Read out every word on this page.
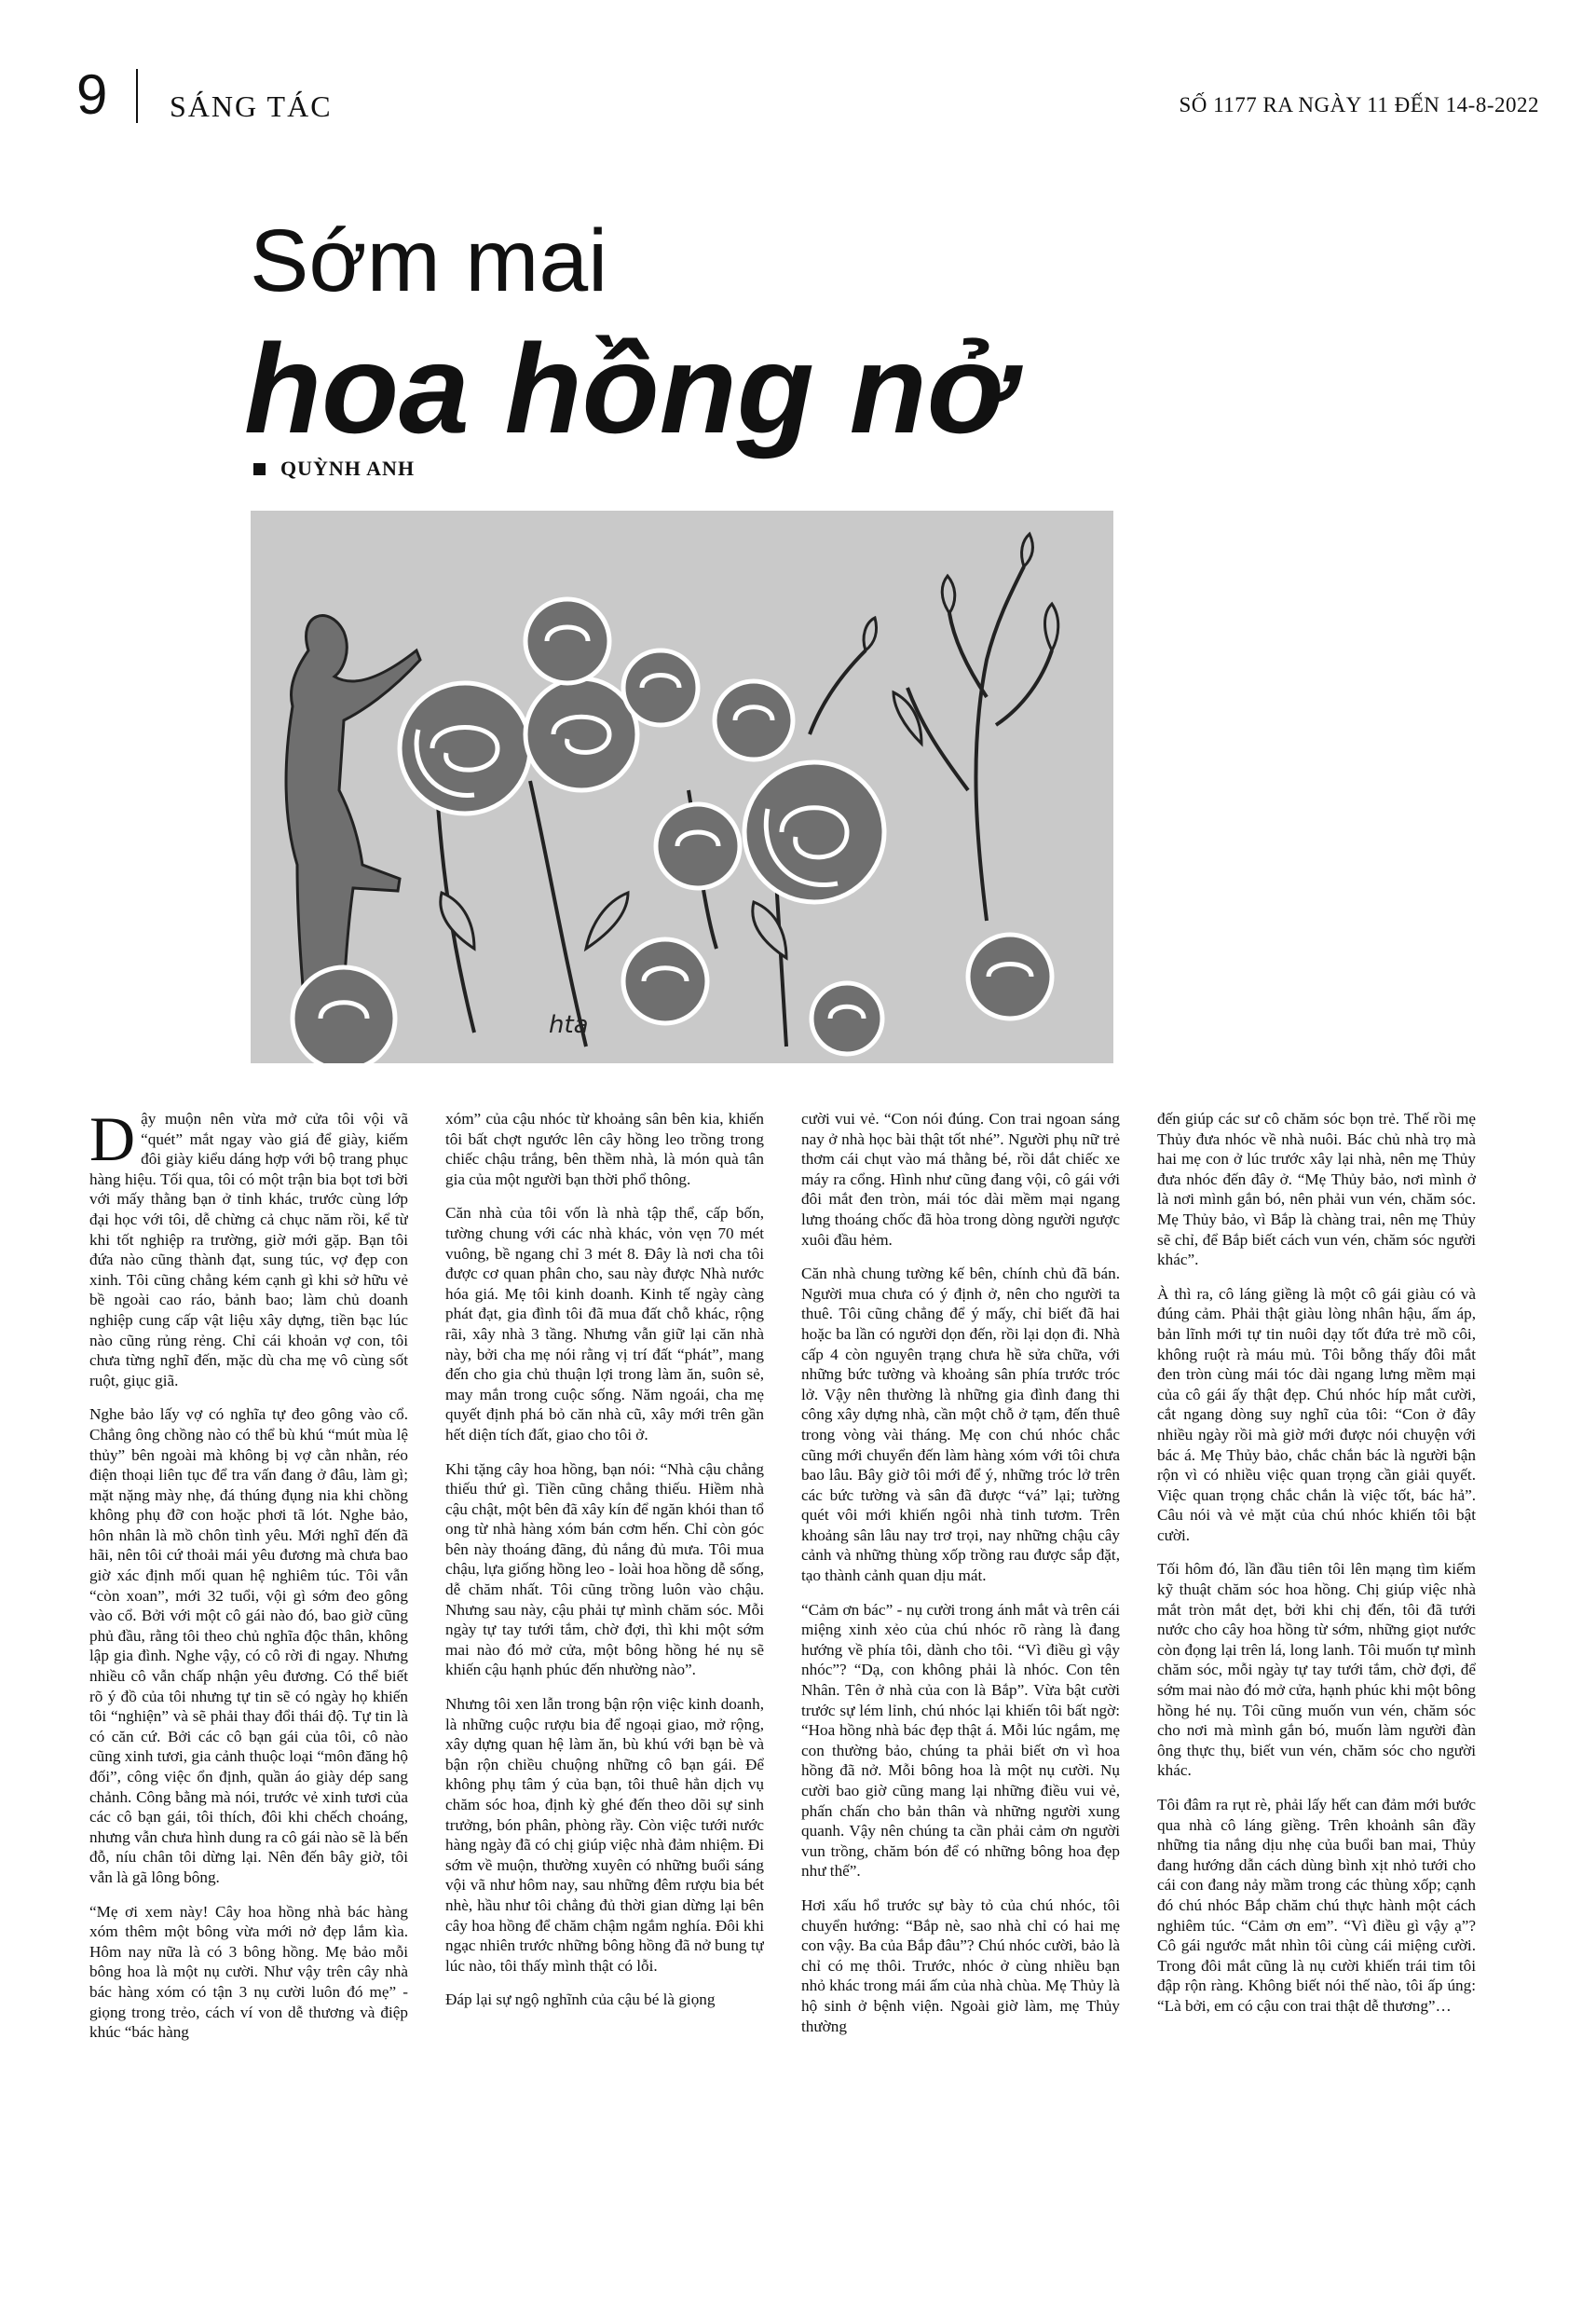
9 SÁNG TÁC	SỐ 1177 RA NGÀY 11 ĐẾN 14-8-2022
Sớm mai
hoa hồng nở
QUỲNH ANH
hta

Dậy muộn nên vừa mở cửa tôi vội vã “quét” mắt ngay vào giá để giày, kiếm đôi giày kiểu dáng hợp với bộ trang phục hàng hiệu. Tối qua, tôi có một trận bia bọt tơi bời với mấy thằng bạn ở tỉnh khác, trước cùng lớp đại học với tôi, dễ chừng cả chục năm rồi, kể từ khi tốt nghiệp ra trường, giờ mới gặp. Bạn tôi đứa nào cũng thành đạt, sung túc, vợ đẹp con xinh. Tôi cũng chẳng kém cạnh gì khi sở hữu vẻ bề ngoài cao ráo, bảnh bao; làm chủ doanh nghiệp cung cấp vật liệu xây dựng, tiền bạc lúc nào cũng rủng rẻng. Chỉ cái khoản vợ con, tôi chưa từng nghĩ đến, mặc dù cha mẹ vô cùng sốt ruột, giục giã.

Nghe bảo lấy vợ có nghĩa tự đeo gông vào cổ. Chẳng ông chồng nào có thể bù khú “mút mùa lệ thủy” bên ngoài mà không bị vợ cằn nhằn, réo điện thoại liên tục để tra vấn đang ở đâu, làm gì; mặt nặng mày nhẹ, đá thúng đụng nia khi chồng không phụ đỡ con hoặc phơi tã lót. Nghe bảo, hôn nhân là mồ chôn tình yêu. Mới nghĩ đến đã hãi, nên tôi cứ thoải mái yêu đương mà chưa bao giờ xác định mối quan hệ nghiêm túc. Tôi vẫn “còn xoan”, mới 32 tuổi, vội gì sớm đeo gông vào cổ. Bởi với một cô gái nào đó, bao giờ cũng phủ đầu, rằng tôi theo chủ nghĩa độc thân, không lập gia đình. Nghe vậy, có cô rời đi ngay. Nhưng nhiều cô vẫn chấp nhận yêu đương. Có thể biết rõ ý đồ của tôi nhưng tự tin sẽ có ngày họ khiến tôi “nghiện” và sẽ phải thay đổi thái độ. Tự tin là có căn cứ. Bởi các cô bạn gái của tôi, cô nào cũng xinh tươi, gia cảnh thuộc loại “môn đăng hộ đối”, công việc ổn định, quần áo giày dép sang chảnh. Công bằng mà nói, trước vẻ xinh tươi của các cô bạn gái, tôi thích, đôi khi chếch choáng, nhưng vẫn chưa hình dung ra cô gái nào sẽ là bến đỗ, níu chân tôi dừng lại. Nên đến bây giờ, tôi vẫn là gã lông bông.

“Mẹ ơi xem này! Cây hoa hồng nhà bác hàng xóm thêm một bông vừa mới nở đẹp lắm kìa. Hôm nay nữa là có 3 bông hồng. Mẹ bảo mỗi bông hoa là một nụ cười. Như vậy trên cây nhà bác hàng xóm có tận 3 nụ cười luôn đó mẹ” - giọng trong trẻo, cách ví von dễ thương và điệp khúc “bác hàng

xóm” của cậu nhóc từ khoảng sân bên kia, khiến tôi bất chợt ngước lên cây hồng leo trồng trong chiếc chậu trắng, bên thềm nhà, là món quà tân gia của một người bạn thời phổ thông.

Căn nhà của tôi vốn là nhà tập thể, cấp bốn, tường chung với các nhà khác, vỏn vẹn 70 mét vuông, bề ngang chỉ 3 mét 8. Đây là nơi cha tôi được cơ quan phân cho, sau này được Nhà nước hóa giá. Mẹ tôi kinh doanh. Kinh tế ngày càng phát đạt, gia đình tôi đã mua đất chỗ khác, rộng rãi, xây nhà 3 tầng. Nhưng vẫn giữ lại căn nhà này, bởi cha mẹ nói rằng vị trí đất “phát”, mang đến cho gia chủ thuận lợi trong làm ăn, suôn sẻ, may mắn trong cuộc sống. Năm ngoái, cha mẹ quyết định phá bỏ căn nhà cũ, xây mới trên gần hết diện tích đất, giao cho tôi ở.

Khi tặng cây hoa hồng, bạn nói: “Nhà cậu chẳng thiếu thứ gì. Tiền cũng chẳng thiếu. Hiềm nhà cậu chật, một bên đã xây kín để ngăn khói than tổ ong từ nhà hàng xóm bán cơm hến. Chỉ còn góc bên này thoáng đãng, đủ nắng đủ mưa. Tôi mua chậu, lựa giống hồng leo - loài hoa hồng dễ sống, dễ chăm nhất. Tôi cũng trồng luôn vào chậu. Nhưng sau này, cậu phải tự mình chăm sóc. Mỗi ngày tự tay tưới tắm, chờ đợi, thì khi một sớm mai nào đó mở cửa, một bông hồng hé nụ sẽ khiến cậu hạnh phúc đến nhường nào”.

Nhưng tôi xen lẫn trong bận rộn việc kinh doanh, là những cuộc rượu bia để ngoại giao, mở rộng, xây dựng quan hệ làm ăn, bù khú với bạn bè và bận rộn chiều chuộng những cô bạn gái. Để không phụ tâm ý của bạn, tôi thuê hẳn dịch vụ chăm sóc hoa, định kỳ ghé đến theo dõi sự sinh trưởng, bón phân, phòng rầy. Còn việc tưới nước hàng ngày đã có chị giúp việc nhà đảm nhiệm. Đi sớm về muộn, thường xuyên có những buổi sáng vội vã như hôm nay, sau những đêm rượu bia bét nhè, hầu như tôi chẳng đủ thời gian dừng lại bên cây hoa hồng để chăm chậm ngắm nghía. Đôi khi ngạc nhiên trước những bông hồng đã nở bung tự lúc nào, tôi thấy mình thật có lỗi.

Đáp lại sự ngộ nghĩnh của cậu bé là giọng

cười vui vẻ. “Con nói đúng. Con trai ngoan sáng nay ở nhà học bài thật tốt nhé”. Người phụ nữ trẻ thơm cái chụt vào má thằng bé, rồi dắt chiếc xe máy ra cổng. Hình như cũng đang vội, cô gái với đôi mắt đen tròn, mái tóc dài mềm mại ngang lưng thoáng chốc đã hòa trong dòng người ngược xuôi đầu hẻm.

Căn nhà chung tường kế bên, chính chủ đã bán. Người mua chưa có ý định ở, nên cho người ta thuê. Tôi cũng chẳng để ý mấy, chỉ biết đã hai hoặc ba lần có người dọn đến, rồi lại dọn đi. Nhà cấp 4 còn nguyên trạng chưa hề sửa chữa, với những bức tường và khoảng sân phía trước tróc lở. Vậy nên thường là những gia đình đang thi công xây dựng nhà, cần một chỗ ở tạm, đến thuê trong vòng vài tháng. Mẹ con chú nhóc chắc cũng mới chuyển đến làm hàng xóm với tôi chưa bao lâu. Bây giờ tôi mới để ý, những tróc lở trên các bức tường và sân đã được “vá” lại; tường quét vôi mới khiến ngôi nhà tinh tươm. Trên khoảng sân lâu nay trơ trọi, nay những chậu cây cảnh và những thùng xốp trồng rau được sắp đặt, tạo thành cảnh quan dịu mát.

“Cảm ơn bác” - nụ cười trong ánh mắt và trên cái miệng xinh xẻo của chú nhóc rõ ràng là đang hướng về phía tôi, dành cho tôi. “Vì điều gì vậy nhóc”? “Dạ, con không phải là nhóc. Con tên Nhân. Tên ở nhà của con là Bắp”. Vừa bật cười trước sự lém lỉnh, chú nhóc lại khiến tôi bất ngờ: “Hoa hồng nhà bác đẹp thật á. Mỗi lúc ngắm, mẹ con thường bảo, chúng ta phải biết ơn vì hoa hồng đã nở. Mỗi bông hoa là một nụ cười. Nụ cười bao giờ cũng mang lại những điều vui vẻ, phấn chấn cho bản thân và những người xung quanh. Vậy nên chúng ta cần phải cảm ơn người vun trồng, chăm bón để có những bông hoa đẹp như thế”.

Hơi xấu hổ trước sự bày tỏ của chú nhóc, tôi chuyển hướng: “Bắp nè, sao nhà chỉ có hai mẹ con vậy. Ba của Bắp đâu”? Chú nhóc cười, bảo là chỉ có mẹ thôi. Trước, nhóc ở cùng nhiều bạn nhỏ khác trong mái ấm của nhà chùa. Mẹ Thủy là hộ sinh ở bệnh viện. Ngoài giờ làm, mẹ Thủy thường

đến giúp các sư cô chăm sóc bọn trẻ. Thế rồi mẹ Thủy đưa nhóc về nhà nuôi. Bác chủ nhà trọ mà hai mẹ con ở lúc trước xây lại nhà, nên mẹ Thủy đưa nhóc đến đây ở. “Mẹ Thủy bảo, nơi mình ở là nơi mình gắn bó, nên phải vun vén, chăm sóc. Mẹ Thủy bảo, vì Bắp là chàng trai, nên mẹ Thủy sẽ chỉ, để Bắp biết cách vun vén, chăm sóc người khác”.

À thì ra, cô láng giềng là một cô gái giàu có và đúng cảm. Phải thật giàu lòng nhân hậu, ấm áp, bản lĩnh mới tự tin nuôi dạy tốt đứa trẻ mồ côi, không ruột rà máu mủ. Tôi bỗng thấy đôi mắt đen tròn cùng mái tóc dài ngang lưng mềm mại của cô gái ấy thật đẹp. Chú nhóc híp mắt cười, cắt ngang dòng suy nghĩ của tôi: “Con ở đây nhiều ngày rồi mà giờ mới được nói chuyện với bác á. Mẹ Thủy bảo, chắc chắn bác là người bận rộn vì có nhiều việc quan trọng cần giải quyết. Việc quan trọng chắc chắn là việc tốt, bác hả”. Câu nói và vẻ mặt của chú nhóc khiến tôi bật cười.

Tối hôm đó, lần đầu tiên tôi lên mạng tìm kiếm kỹ thuật chăm sóc hoa hồng. Chị giúp việc nhà mắt tròn mắt dẹt, bởi khi chị đến, tôi đã tưới nước cho cây hoa hồng từ sớm, những giọt nước còn đọng lại trên lá, long lanh. Tôi muốn tự mình chăm sóc, mỗi ngày tự tay tưới tắm, chờ đợi, để sớm mai nào đó mở cửa, hạnh phúc khi một bông hồng hé nụ. Tôi cũng muốn vun vén, chăm sóc cho nơi mà mình gắn bó, muốn làm người đàn ông thực thụ, biết vun vén, chăm sóc cho người khác.

Tôi đâm ra rụt rè, phải lấy hết can đảm mới bước qua nhà cô láng giềng. Trên khoảnh sân đầy những tia nắng dịu nhẹ của buổi ban mai, Thủy đang hướng dẫn cách dùng bình xịt nhỏ tưới cho cái con đang nảy mầm trong các thùng xốp; cạnh đó chú nhóc Bắp chăm chú thực hành một cách nghiêm túc. “Cảm ơn em”. “Vì điều gì vậy ạ”? Cô gái ngước mắt nhìn tôi cùng cái miệng cười. Trong đôi mắt cũng là nụ cười khiến trái tim tôi đập rộn ràng. Không biết nói thế nào, tôi ấp úng: “Là bởi, em có cậu con trai thật dễ thương”…
